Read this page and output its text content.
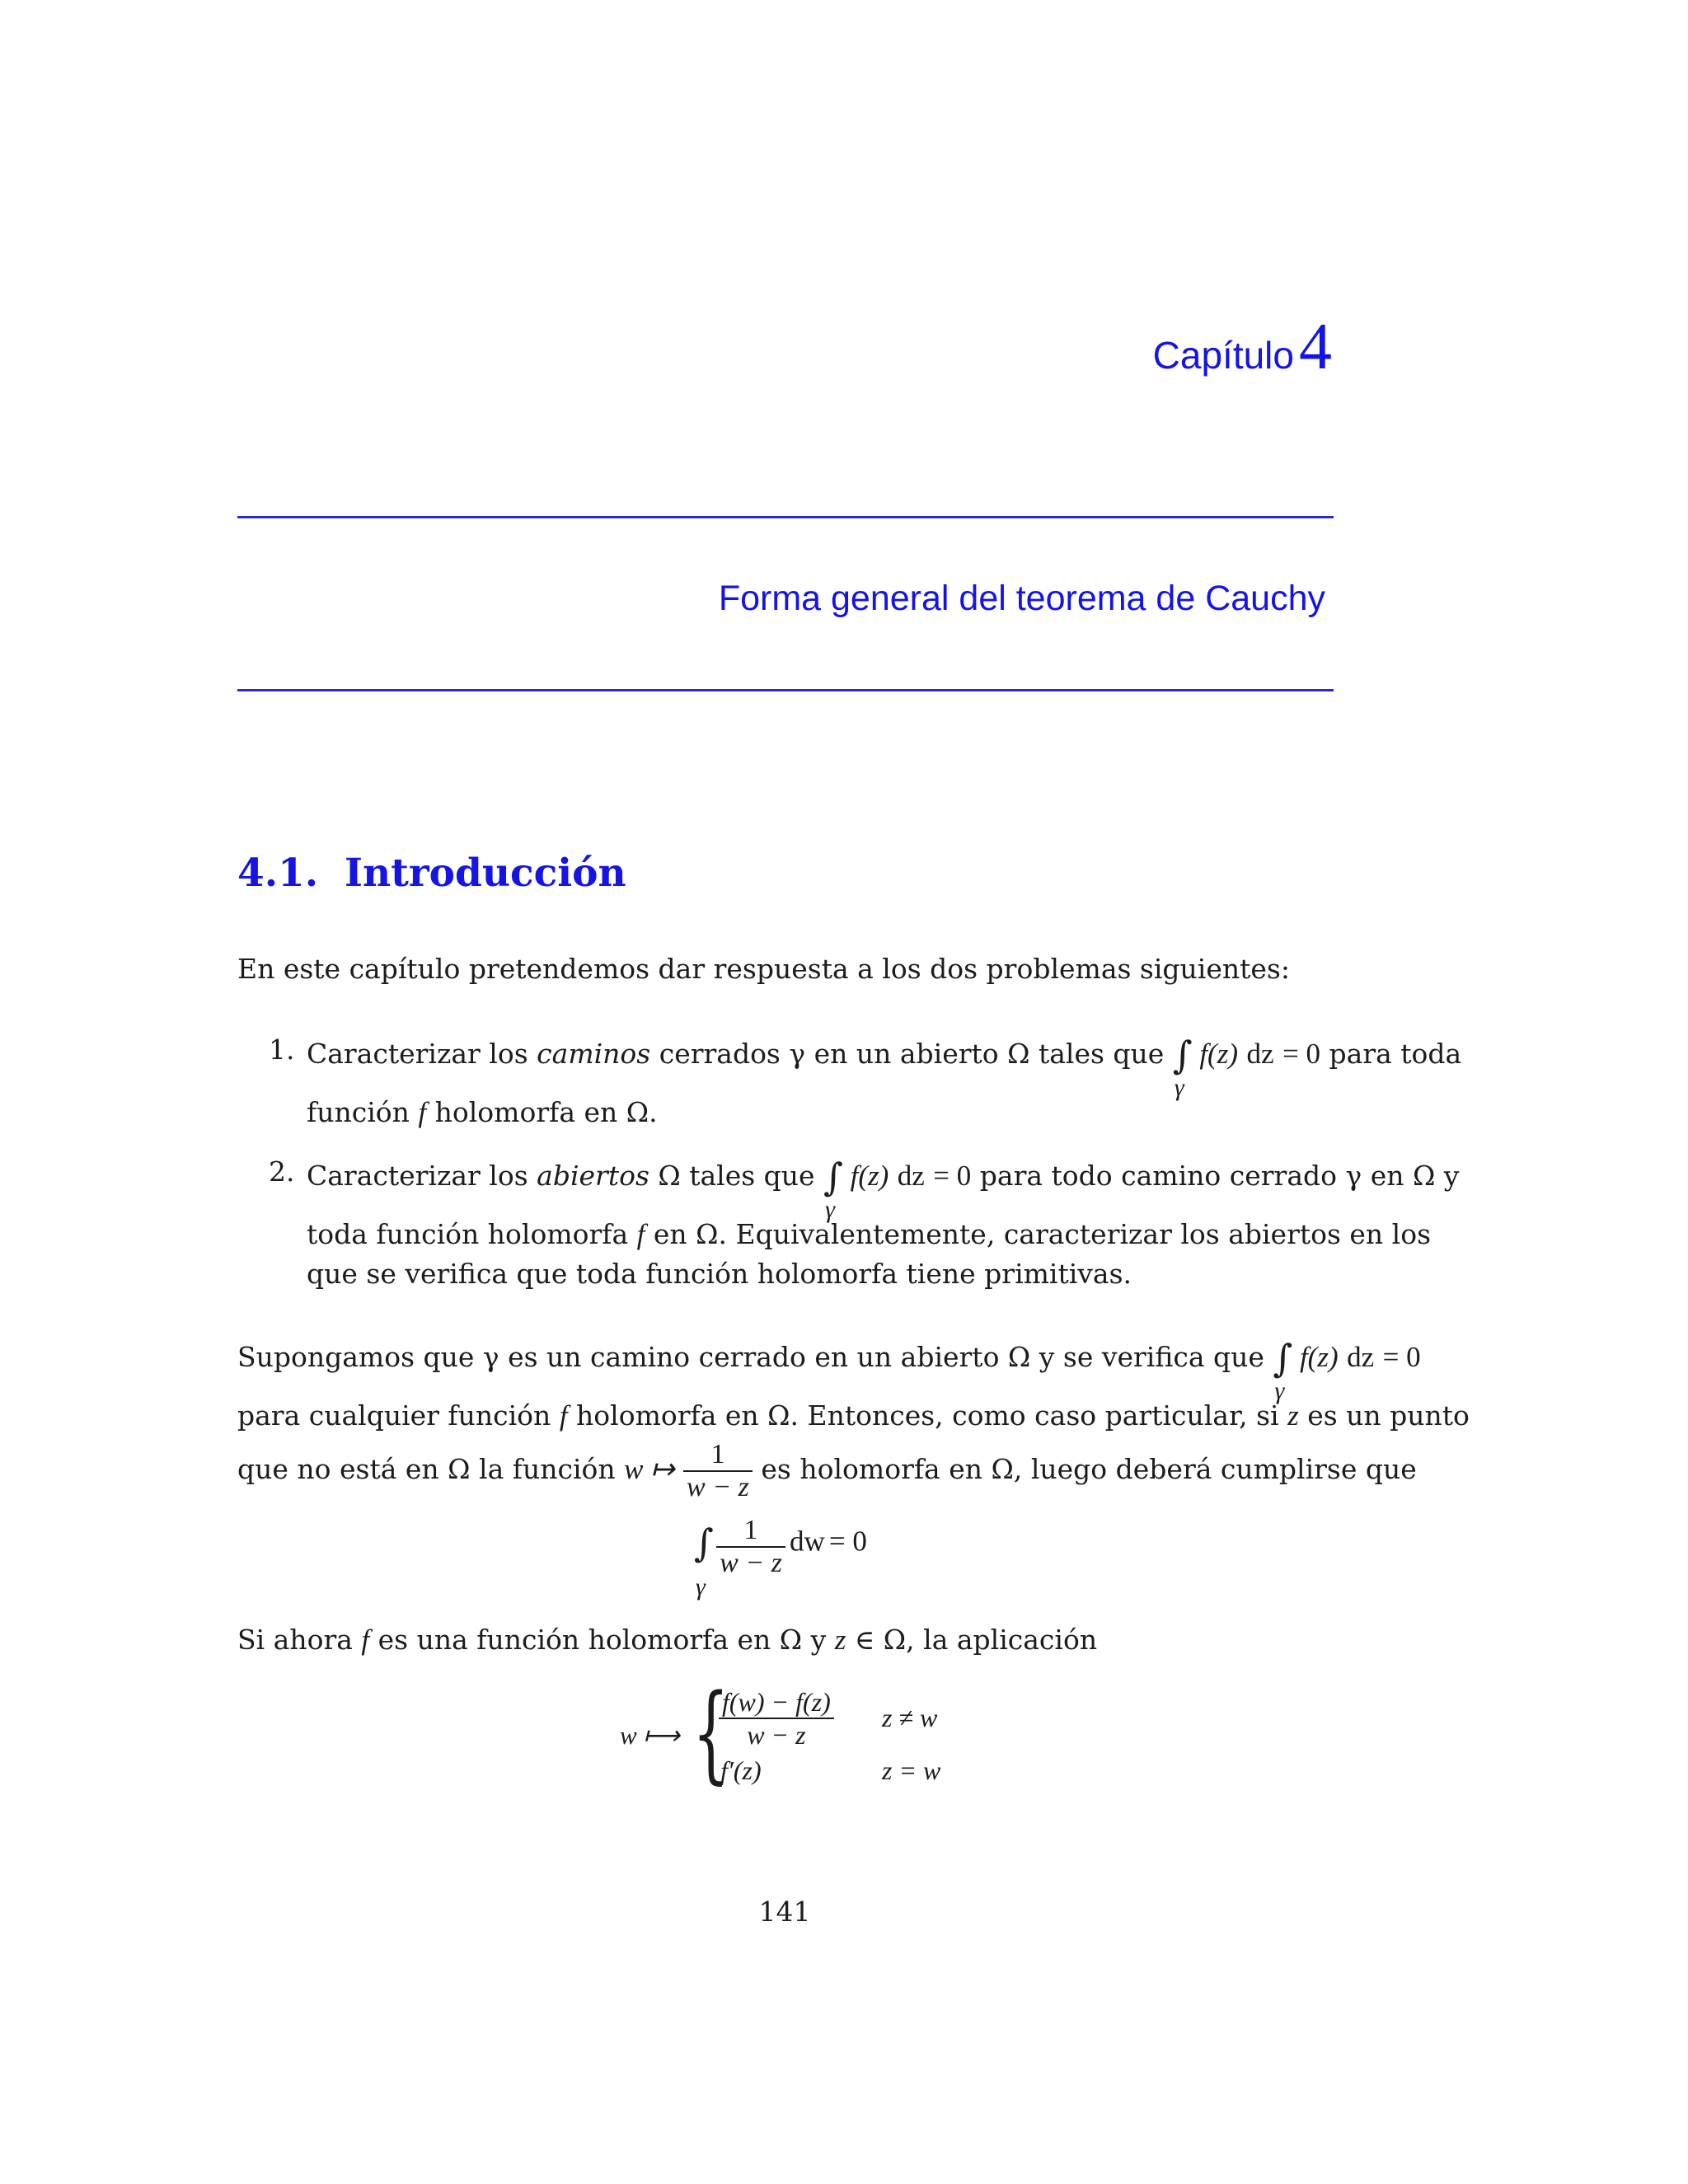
Capítulo4
Forma general del teorema de Cauchy
4.1. Introducción
En este capítulo pretendemos dar respuesta a los dos problemas siguientes:
1. Caracterizar los caminos cerrados γ en un abierto Ω tales que ∫
γ
f(z) dz = 0 para toda
función f holomorfa en Ω.
2. Caracterizar los abiertos Ω tales que ∫
γ
f(z) dz = 0 para todo camino cerrado γ en Ω y
toda función holomorfa f en Ω. Equivalentemente, caracterizar los abiertos en los
que se verifica que toda función holomorfa tiene primitivas.
Supongamos que γ es un camino cerrado en un abierto Ω y se verifica que ∫
γ
f(z) dz = 0
para cualquier función f holomorfa en Ω. Entonces, como caso particular, si z es un punto
que no está en Ω la función w ↦ $\frac{1}{w - z}$ es holomorfa en Ω, luego deberá cumplirse que
∫
γ

$\frac{1}{w - z}$ dw = 0
Si ahora f es una función holomorfa en Ω y z ∈ Ω, la aplicación
w ⟼ {
$\frac{f(w) - f(z)}{w - z}$
f′(z)
z ≠ w
z = w
141
